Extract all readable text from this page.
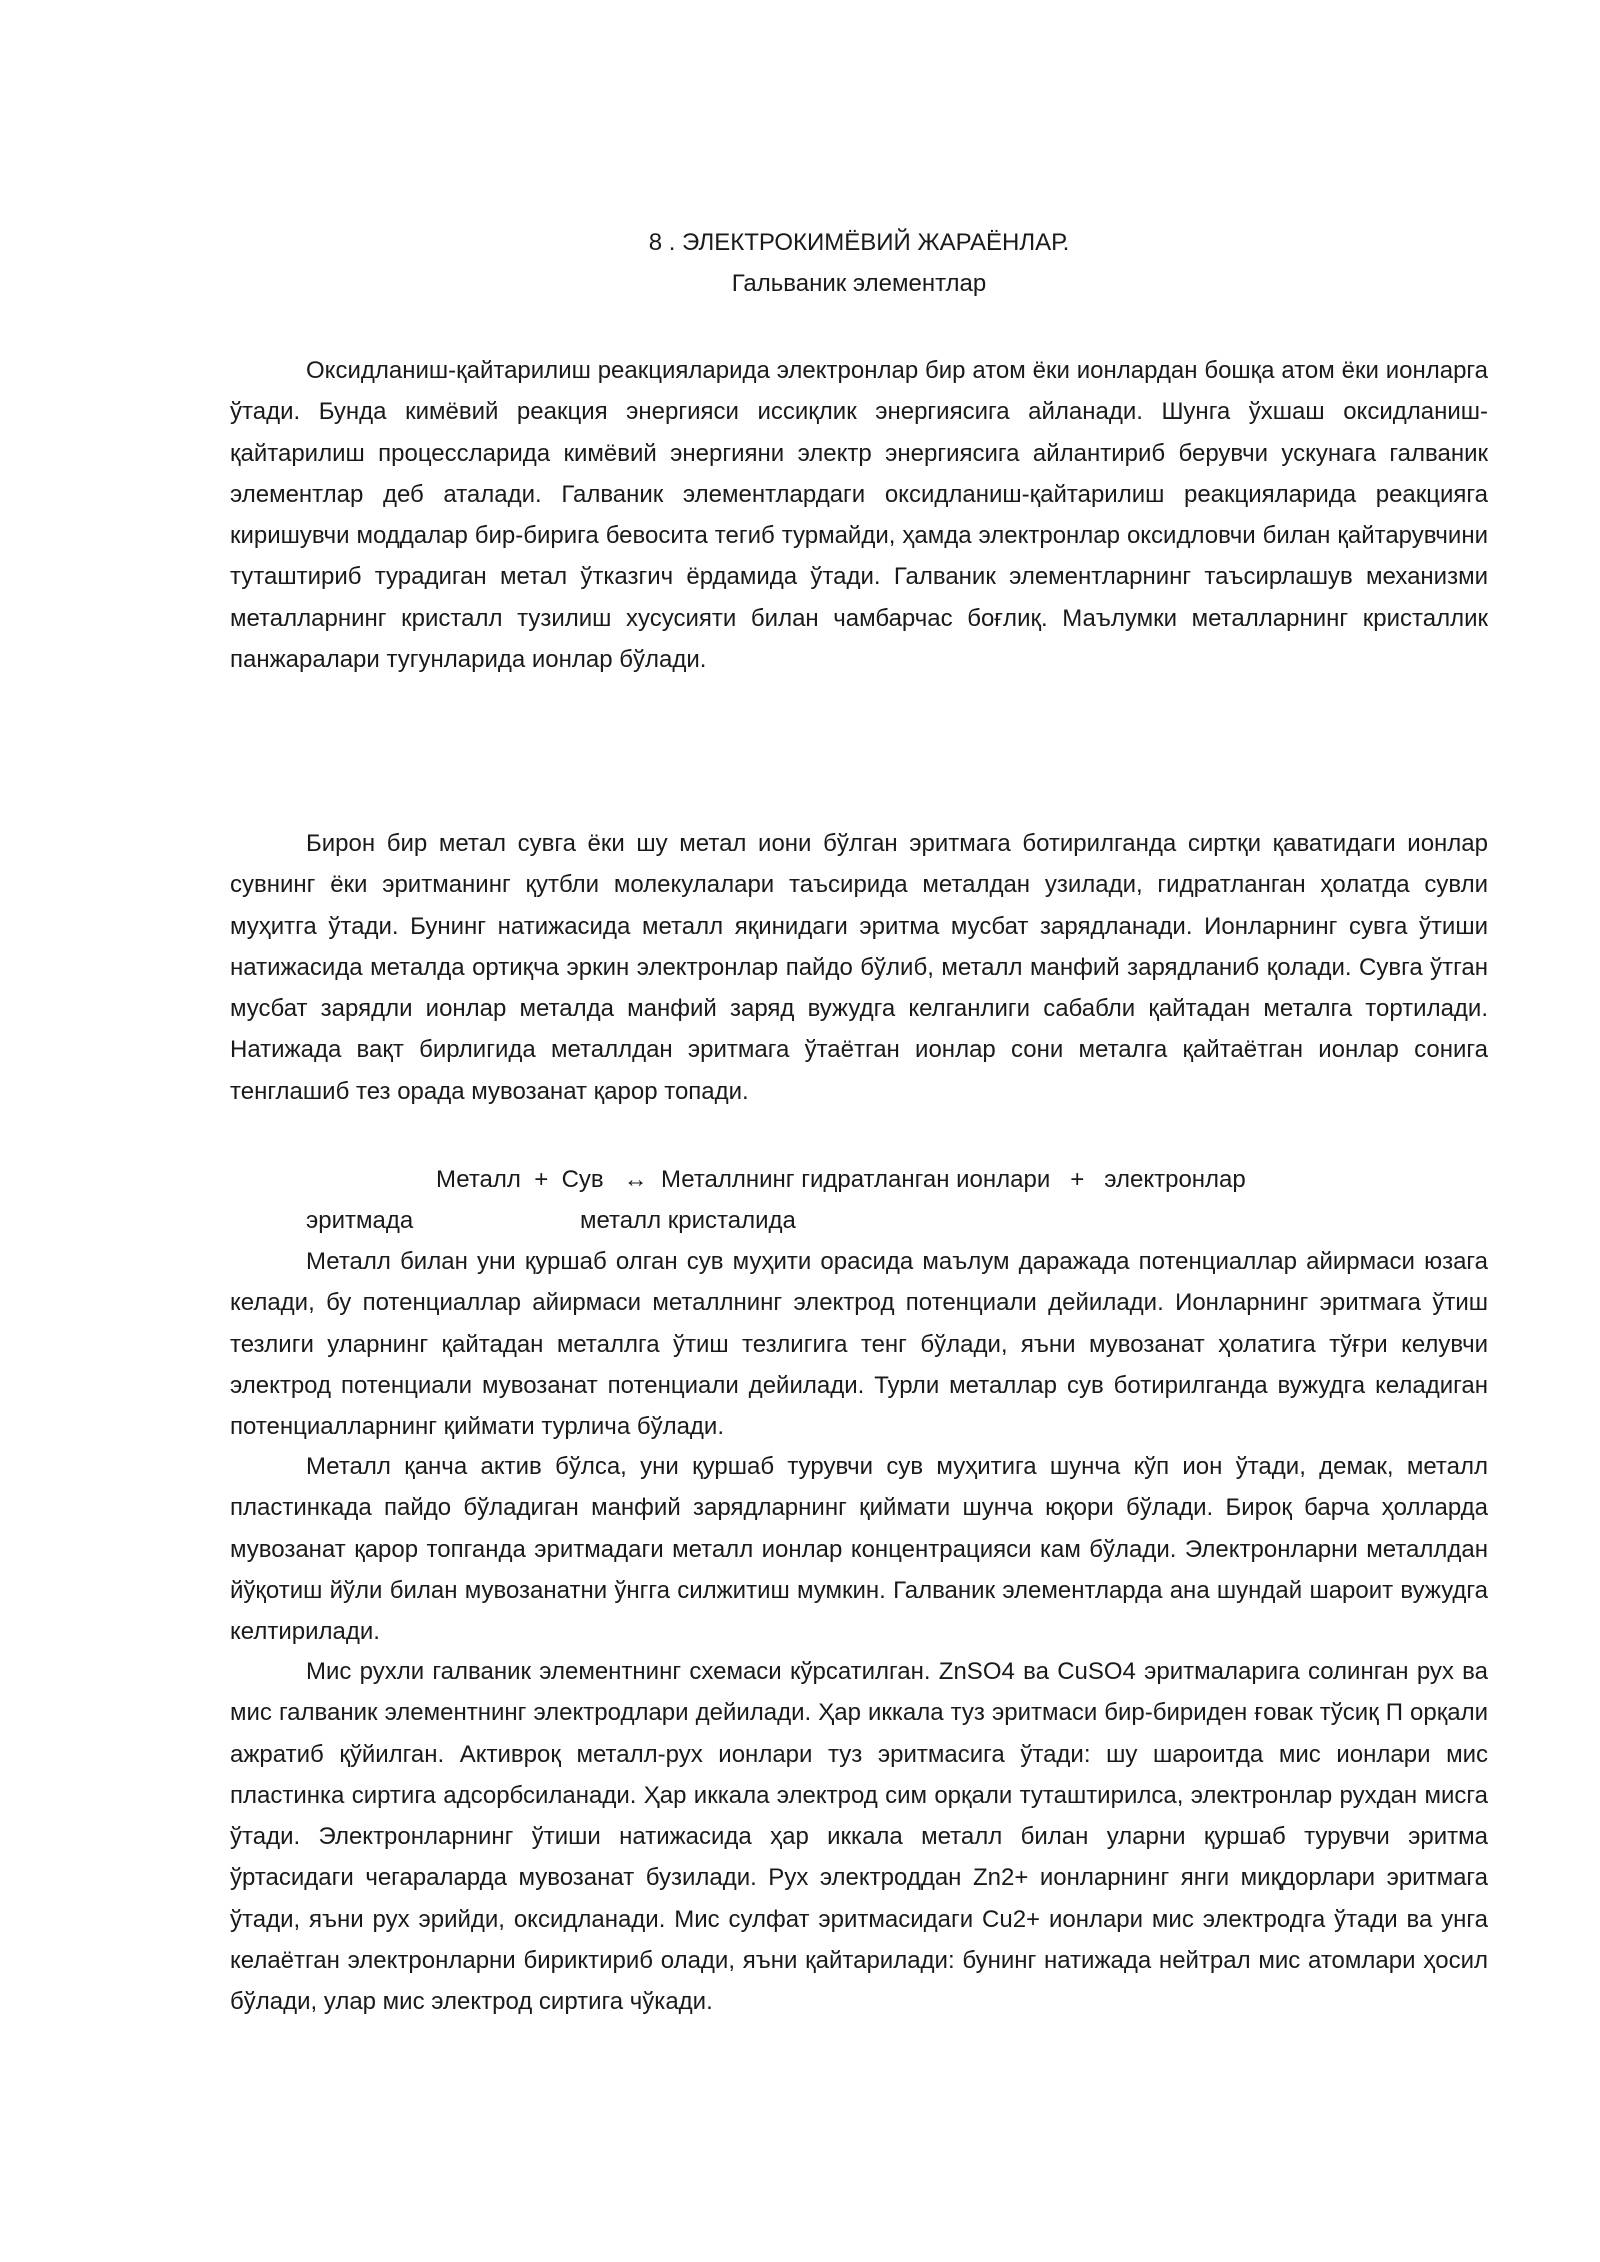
8 . ЭЛЕКТРОКИМЁВИЙ ЖАРАЁНЛАР.
Гальваник элементлар

Оксидланиш-қайтарилиш реакцияларида электронлар бир атом ёки ионлардан бошқа атом ёки ионларга ўтади. Бунда кимёвий реакция энергияси иссиқлик энергиясига айланади. Шунга ўхшаш оксидланиш-қайтарилиш процессларида кимёвий энергияни электр энергиясига айлантириб берувчи ускунага галваник элементлар деб аталади. Галваник элементлардаги оксидланиш-қайтарилиш реакцияларида реакцияга киришувчи моддалар бир-бирига бевосита тегиб турмайди, ҳамда электронлар оксидловчи билан қайтарувчини туташтириб турадиган метал ўтказгич ёрдамида ўтади. Галваник элементларнинг таъсирлашув механизми металларнинг кристалл тузилиш хусусияти билан чамбарчас боғлиқ. Маълумки металларнинг кристаллик панжаралари тугунларида ионлар бўлади.

Бирон бир метал сувга ёки шу метал иони бўлган эритмага ботирилганда сиртқи қаватидаги ионлар сувнинг ёки эритманинг қутбли молекулалари таъсирида металдан узилади, гидратланган ҳолатда сувли муҳитга ўтади. Бунинг натижасида металл яқинидаги эритма мусбат зарядланади. Ионларнинг сувга ўтиши натижасида металда ортиқча эркин электронлар пайдо бўлиб, металл манфий зарядланиб қолади. Сувга ўтган мусбат зарядли ионлар металда манфий заряд вужудга келганлиги сабабли қайтадан металга тортилади. Натижада вақт бирлигида металлдан эритмага ўтаётган ионлар сони металга қайтаётган ионлар сонига тенглашиб тез орада мувозанат қарор топади.

Металл  +  Сув   ↔  Металлнинг гидратланган ионлари   +   электронлар
эритмада	металл кристалида

Металл билан уни қуршаб олган сув муҳити орасида маълум даражада потенциаллар айирмаси юзага келади, бу потенциаллар айирмаси металлнинг электрод потенциали дейилади. Ионларнинг эритмага ўтиш тезлиги уларнинг қайтадан металлга ўтиш тезлигига тенг бўлади, яъни мувозанат ҳолатига тўғри келувчи электрод потенциали мувозанат потенциали дейилади. Турли металлар сув ботирилганда вужудга келадиган потенциалларнинг қиймати турлича бўлади.

Металл қанча актив бўлса, уни қуршаб турувчи сув муҳитига шунча кўп ион ўтади, демак, металл пластинкада пайдо бўладиган манфий зарядларнинг қиймати шунча юқори бўлади. Бироқ барча ҳолларда мувозанат қарор топганда эритмадаги металл ионлар концентрацияси кам бўлади. Электронларни металлдан йўқотиш йўли билан мувозанатни ўнгга силжитиш мумкин. Галваник элементларда ана шундай шароит вужудга келтирилади.

Мис рухли галваник элементнинг схемаси кўрсатилган. ZnSO4 ва CuSO4 эритмаларига солинган рух ва мис галваник элементнинг электродлари дейилади. Ҳар иккала туз эритмаси бир-бириден ғовак тўсиқ П орқали ажратиб қўйилган. Активроқ металл-рух ионлари туз эритмасига ўтади: шу шароитда мис ионлари мис пластинка сиртига адсорбсиланади. Ҳар иккала электрод сим орқали туташтирилса, электронлар рухдан мисга ўтади. Электронларнинг ўтиши натижасида ҳар иккала металл билан уларни қуршаб турувчи эритма ўртасидаги чегараларда мувозанат бузилади. Рух электроддан Zn2+ ионларнинг янги миқдорлари эритмага ўтади, яъни рух эрийди, оксидланади. Мис сулфат эритмасидаги Cu2+ ионлари мис электродга ўтади ва унга келаётган электронларни бириктириб олади, яъни қайтарилади: бунинг натижада нейтрал мис атомлари ҳосил бўлади, улар мис электрод сиртига чўкади.
